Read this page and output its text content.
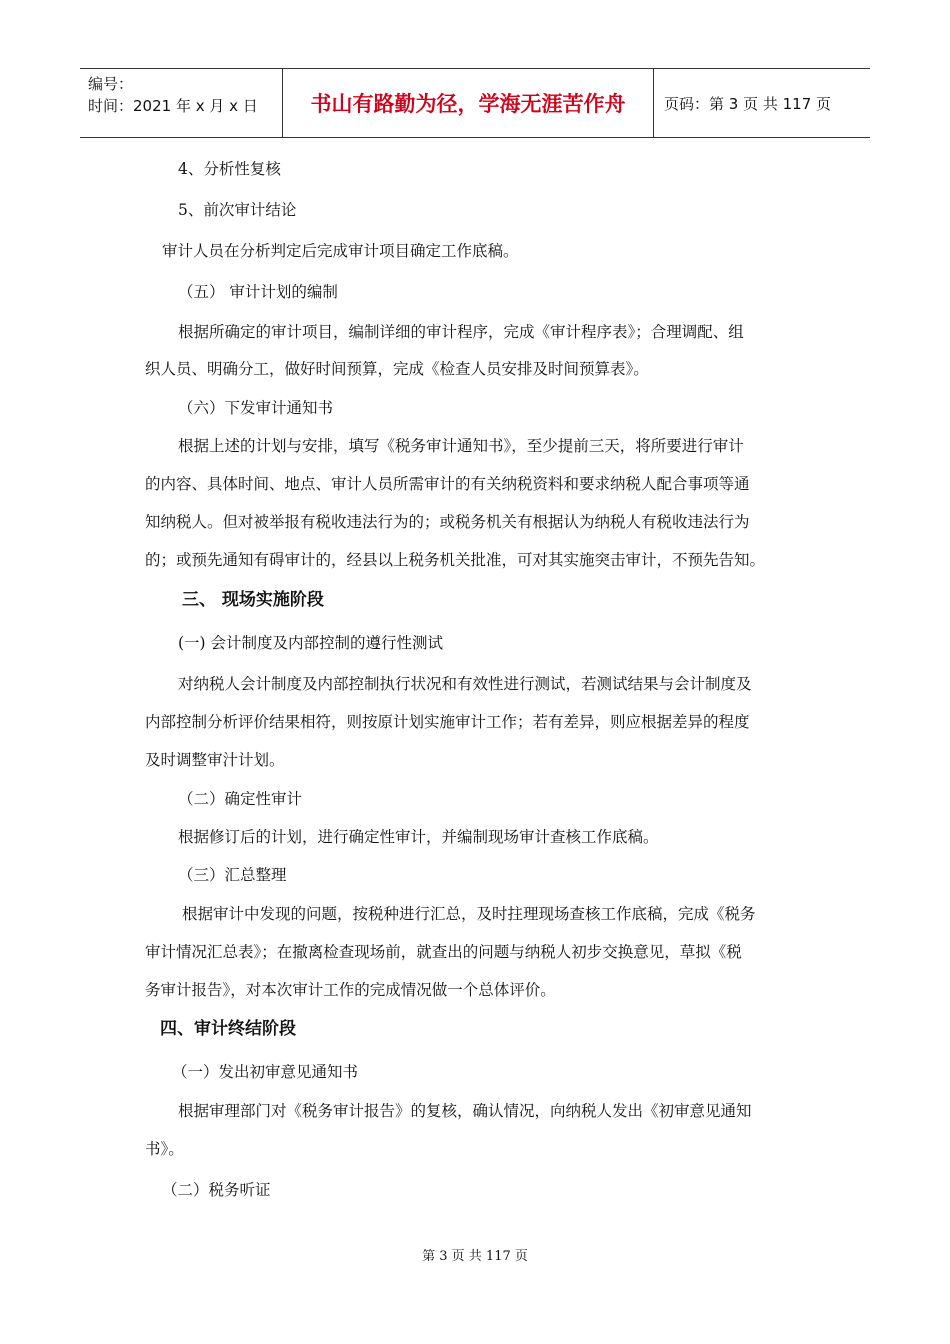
编号：
时间：2021 年 x 月 x 日	书山有路勤为径，学海无涯苦作舟	页码：第 3 页 共 117 页
4、分析性复核
5、前次审计结论
审计人员在分析判定后完成审计项目确定工作底稿。
（五） 审计计划的编制
根据所确定的审计项目，编制详细的审计程序，完成《审计程序表》；合理调配、组
织人员、明确分工，做好时间预算，完成《检查人员安排及时间预算表》。
（六）下发审计通知书
根据上述的计划与安排，填写《税务审计通知书》，至少提前三天，将所要进行审计
的内容、具体时间、地点、审计人员所需审计的有关纳税资料和要求纳税人配合事项等通
知纳税人。但对被举报有税收违法行为的；或税务机关有根据认为纳税人有税收违法行为
的；或预先通知有碍审计的，经县以上税务机关批准，可对其实施突击审计，不预先告知。
三、 现场实施阶段
(一) 会计制度及内部控制的遵行性测试
对纳税人会计制度及内部控制执行状况和有效性进行测试，若测试结果与会计制度及
内部控制分析评价结果相符，则按原计划实施审计工作；若有差异，则应根据差异的程度
及时调整审汁计划。
（二）确定性审计
根据修订后的计划，进行确定性审计，并编制现场审计查核工作底稿。
（三）汇总整理
根据审计中发现的问题，按税种进行汇总，及时拄理现场查核工作底稿，完成《税务
审计情况汇总表》；在撤离检查现场前，就查出的问题与纳税人初步交换意见，草拟《税
务审计报告》，对本次审计工作的完成情况做一个总体评价。
四、审计终结阶段
（一）发出初审意见通知书
根据审理部门对《税务审计报告》的复核，确认情况，向纳税人发出《初审意见通知
书》。
（二）税务听证
第 3 页 共 117 页
